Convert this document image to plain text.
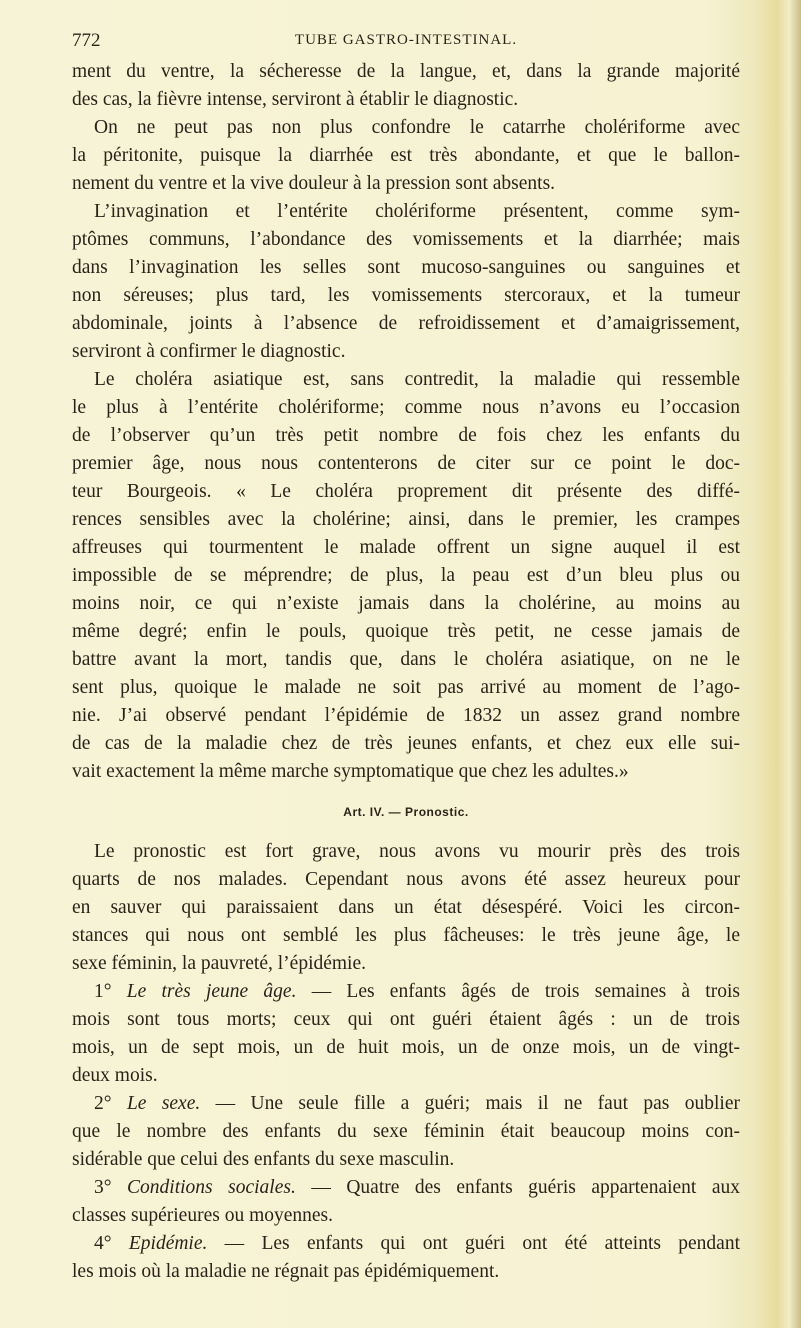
772	TUBE GASTRO-INTESTINAL.
ment du ventre, la sécheresse de la langue, et, dans la grande majorité
des cas, la fièvre intense, serviront à établir le diagnostic.
On ne peut pas non plus confondre le catarrhe cholériforme avec
la péritonite, puisque la diarrhée est très abondante, et que le ballon-
nement du ventre et la vive douleur à la pression sont absents.
L’invagination et l’entérite cholériforme présentent, comme sym-
ptômes communs, l’abondance des vomissements et la diarrhée; mais
dans l’invagination les selles sont mucoso-sanguines ou sanguines et
non séreuses; plus tard, les vomissements stercoraux, et la tumeur
abdominale, joints à l’absence de refroidissement et d’amaigrissement,
serviront à confirmer le diagnostic.
Le choléra asiatique est, sans contredit, la maladie qui ressemble
le plus à l’entérite cholériforme; comme nous n’avons eu l’occasion
de l’observer qu’un très petit nombre de fois chez les enfants du
premier âge, nous nous contenterons de citer sur ce point le doc-
teur Bourgeois. « Le choléra proprement dit présente des diffé-
rences sensibles avec la cholérine; ainsi, dans le premier, les crampes
affreuses qui tourmentent le malade offrent un signe auquel il est
impossible de se méprendre; de plus, la peau est d’un bleu plus ou
moins noir, ce qui n’existe jamais dans la cholérine, au moins au
même degré; enfin le pouls, quoique très petit, ne cesse jamais de
battre avant la mort, tandis que, dans le choléra asiatique, on ne le
sent plus, quoique le malade ne soit pas arrivé au moment de l’ago-
nie. J’ai observé pendant l’épidémie de 1832 un assez grand nombre
de cas de la maladie chez de très jeunes enfants, et chez eux elle sui-
vait exactement la même marche symptomatique que chez les adultes.»
Art. IV. — Pronostic.
Le pronostic est fort grave, nous avons vu mourir près des trois
quarts de nos malades. Cependant nous avons été assez heureux pour
en sauver qui paraissaient dans un état désespéré. Voici les circon-
stances qui nous ont semblé les plus fâcheuses: le très jeune âge, le
sexe féminin, la pauvreté, l’épidémie.
1° Le très jeune âge. — Les enfants âgés de trois semaines à trois
mois sont tous morts; ceux qui ont guéri étaient âgés : un de trois
mois, un de sept mois, un de huit mois, un de onze mois, un de vingt-
deux mois.
2° Le sexe. — Une seule fille a guéri; mais il ne faut pas oublier
que le nombre des enfants du sexe féminin était beaucoup moins con-
sidérable que celui des enfants du sexe masculin.
3° Conditions sociales. — Quatre des enfants guéris appartenaient aux
classes supérieures ou moyennes.
4° Epidémie. — Les enfants qui ont guéri ont été atteints pendant
les mois où la maladie ne régnait pas épidémiquement.
